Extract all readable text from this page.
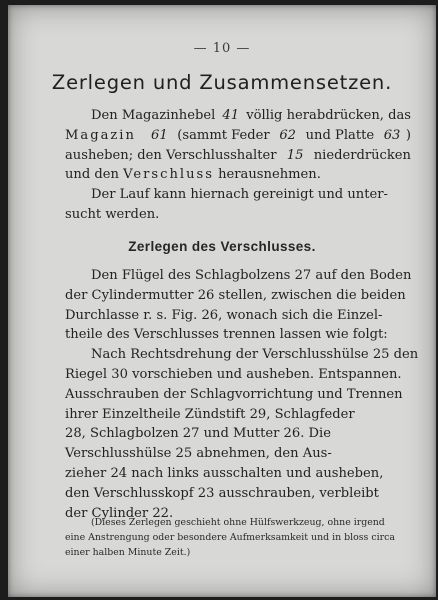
— 10 —
Zerlegen und Zusammensetzen.
Den Magazinhebel 41 völlig herabdrücken, das
Magazin
61 (sammt Feder 62 und Platte 63 )
ausheben; den Verschlusshalter 15 niederdrücken
und den Verschluss herausnehmen.
Der Lauf kann hiernach gereinigt und unter-
sucht werden.
Zerlegen des Verschlusses.
Den Flügel des Schlagbolzens 27 auf den Boden
der Cylindermutter 26 stellen, zwischen die beiden
Durchlasse r. s. Fig. 26, wonach sich die Einzel-
theile des Verschlusses trennen lassen wie folgt:
Nach Rechtsdrehung der Verschlusshülse 25 den
Riegel 30 vorschieben und ausheben. Entspannen.
Ausschrauben der Schlagvorrichtung und Trennen
ihrer Einzeltheile Zündstift 29, Schlagfeder
28, Schlagbolzen 27 und Mutter 26. Die
Verschlusshülse 25 abnehmen, den Aus-
zieher 24 nach links ausschalten und ausheben,
den Verschlusskopf 23 ausschrauben, verbleibt
der Cylinder 22.
(Dieses Zerlegen geschieht ohne Hülfswerkzeug, ohne irgend
eine Anstrengung oder besondere Aufmerksamkeit und in bloss circa
einer halben Minute Zeit.)
